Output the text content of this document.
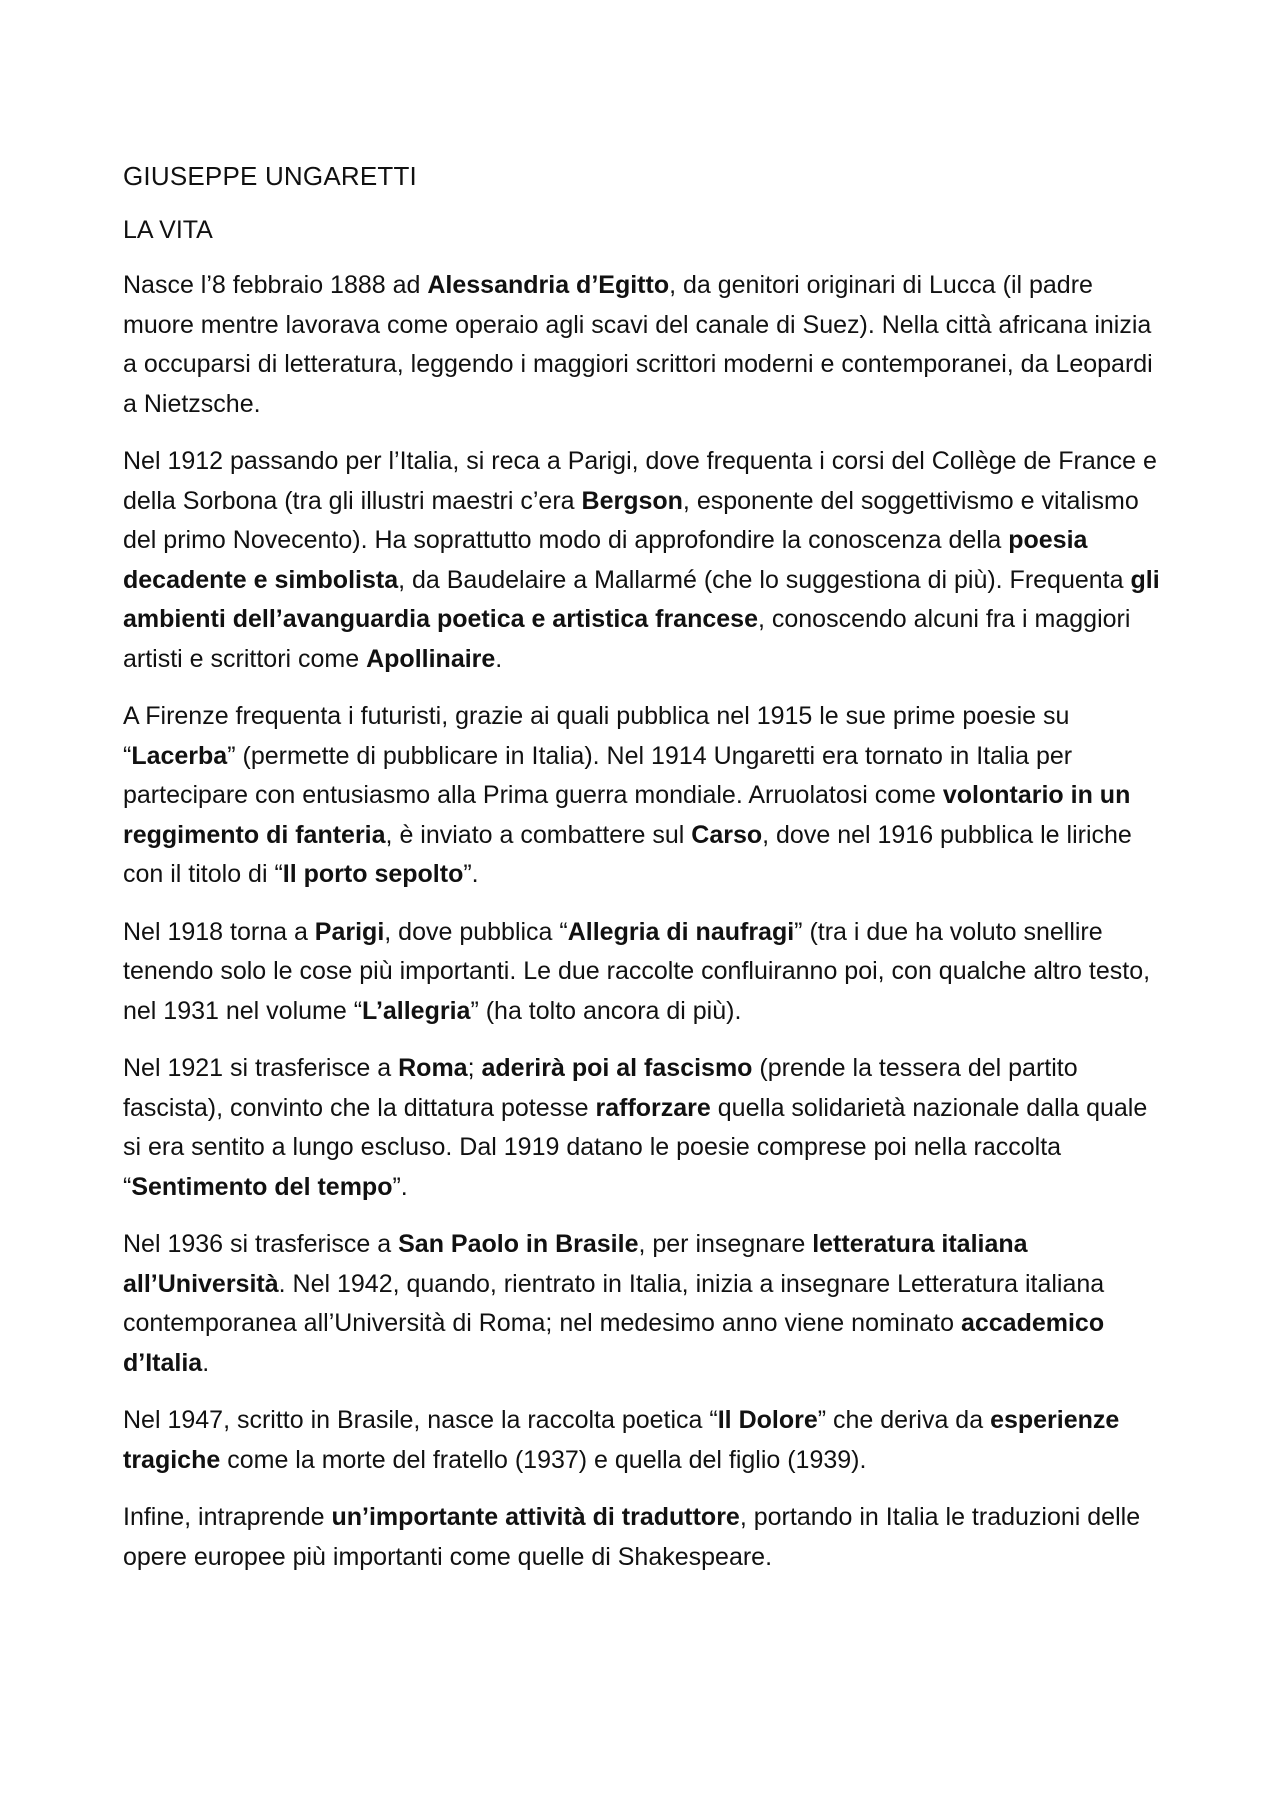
GIUSEPPE UNGARETTI
LA VITA

Nasce l’8 febbraio 1888 ad Alessandria d’Egitto, da genitori originari di Lucca (il padre muore mentre lavorava come operaio agli scavi del canale di Suez). Nella città africana inizia a occuparsi di letteratura, leggendo i maggiori scrittori moderni e contemporanei, da Leopardi a Nietzsche.

Nel 1912 passando per l’Italia, si reca a Parigi, dove frequenta i corsi del Collège de France e della Sorbona (tra gli illustri maestri c’era Bergson, esponente del soggettivismo e vitalismo del primo Novecento). Ha soprattutto modo di approfondire la conoscenza della poesia decadente e simbolista, da Baudelaire a Mallarmé (che lo suggestiona di più). Frequenta gli ambienti dell’avanguardia poetica e artistica francese, conoscendo alcuni fra i maggiori artisti e scrittori come Apollinaire.

A Firenze frequenta i futuristi, grazie ai quali pubblica nel 1915 le sue prime poesie su “Lacerba” (permette di pubblicare in Italia). Nel 1914 Ungaretti era tornato in Italia per partecipare con entusiasmo alla Prima guerra mondiale. Arruolatosi come volontario in un reggimento di fanteria, è inviato a combattere sul Carso, dove nel 1916 pubblica le liriche con il titolo di “Il porto sepolto”.

Nel 1918 torna a Parigi, dove pubblica “Allegria di naufragi” (tra i due ha voluto snellire tenendo solo le cose più importanti. Le due raccolte confluiranno poi, con qualche altro testo, nel 1931 nel volume “L’allegria” (ha tolto ancora di più).

Nel 1921 si trasferisce a Roma; aderirà poi al fascismo (prende la tessera del partito fascista), convinto che la dittatura potesse rafforzare quella solidarietà nazionale dalla quale si era sentito a lungo escluso. Dal 1919 datano le poesie comprese poi nella raccolta “Sentimento del tempo”.

Nel 1936 si trasferisce a San Paolo in Brasile, per insegnare letteratura italiana all’Università. Nel 1942, quando, rientrato in Italia, inizia a insegnare Letteratura italiana contemporanea all’Università di Roma; nel medesimo anno viene nominato accademico d’Italia.

Nel 1947, scritto in Brasile, nasce la raccolta poetica “Il Dolore” che deriva da esperienze tragiche come la morte del fratello (1937) e quella del figlio (1939).

Infine, intraprende un’importante attività di traduttore, portando in Italia le traduzioni delle opere europee più importanti come quelle di Shakespeare.
